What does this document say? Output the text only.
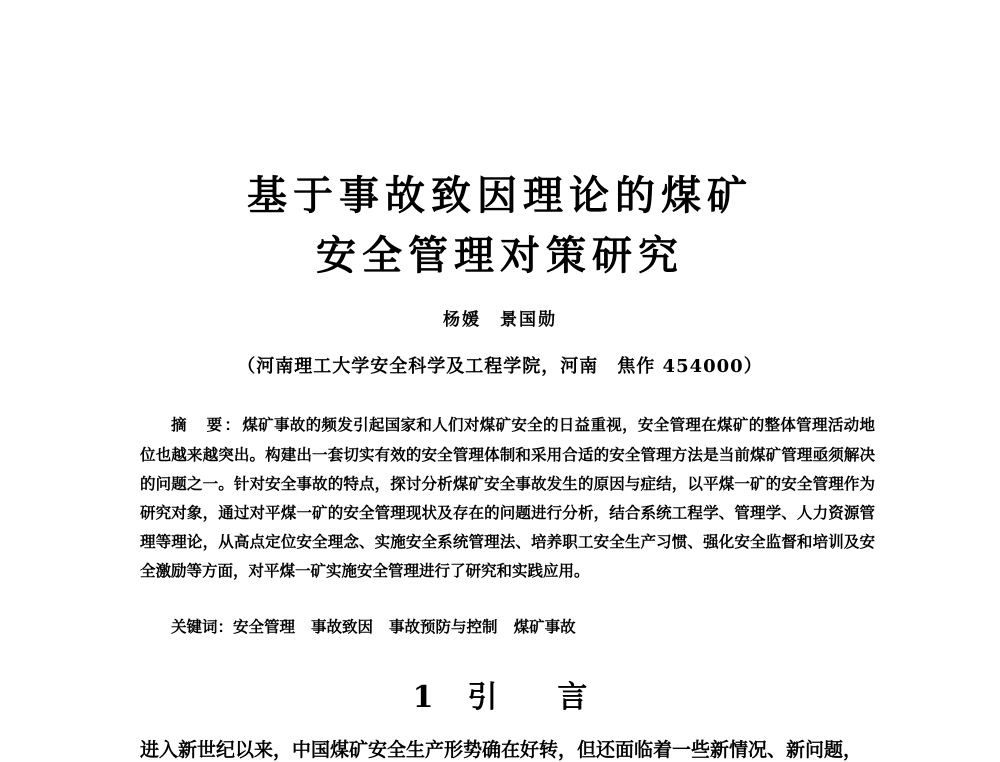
基于事故致因理论的煤矿
安全管理对策研究
杨媛  景国勋
（河南理工大学安全科学及工程学院，河南　焦作 454000）
摘　要：煤矿事故的频发引起国家和人们对煤矿安全的日益重视，安全管理在煤矿的整体管理活动地位也越来越突出。构建出一套切实有效的安全管理体制和采用合适的安全管理方法是当前煤矿管理亟须解决的问题之一。针对安全事故的特点，探讨分析煤矿安全事故发生的原因与症结，以平煤一矿的安全管理作为研究对象，通过对平煤一矿的安全管理现状及存在的问题进行分析，结合系统工程学、管理学、人力资源管理等理论，从高点定位安全理念、实施安全系统管理法、培养职工安全生产习惯、强化安全监督和培训及安全激励等方面，对平煤一矿实施安全管理进行了研究和实践应用。
关键词：安全管理 事故致因 事故预防与控制 煤矿事故
1 引言
进入新世纪以来，中国煤矿安全生产形势确在好转，但还面临着一些新情况、新问题，
